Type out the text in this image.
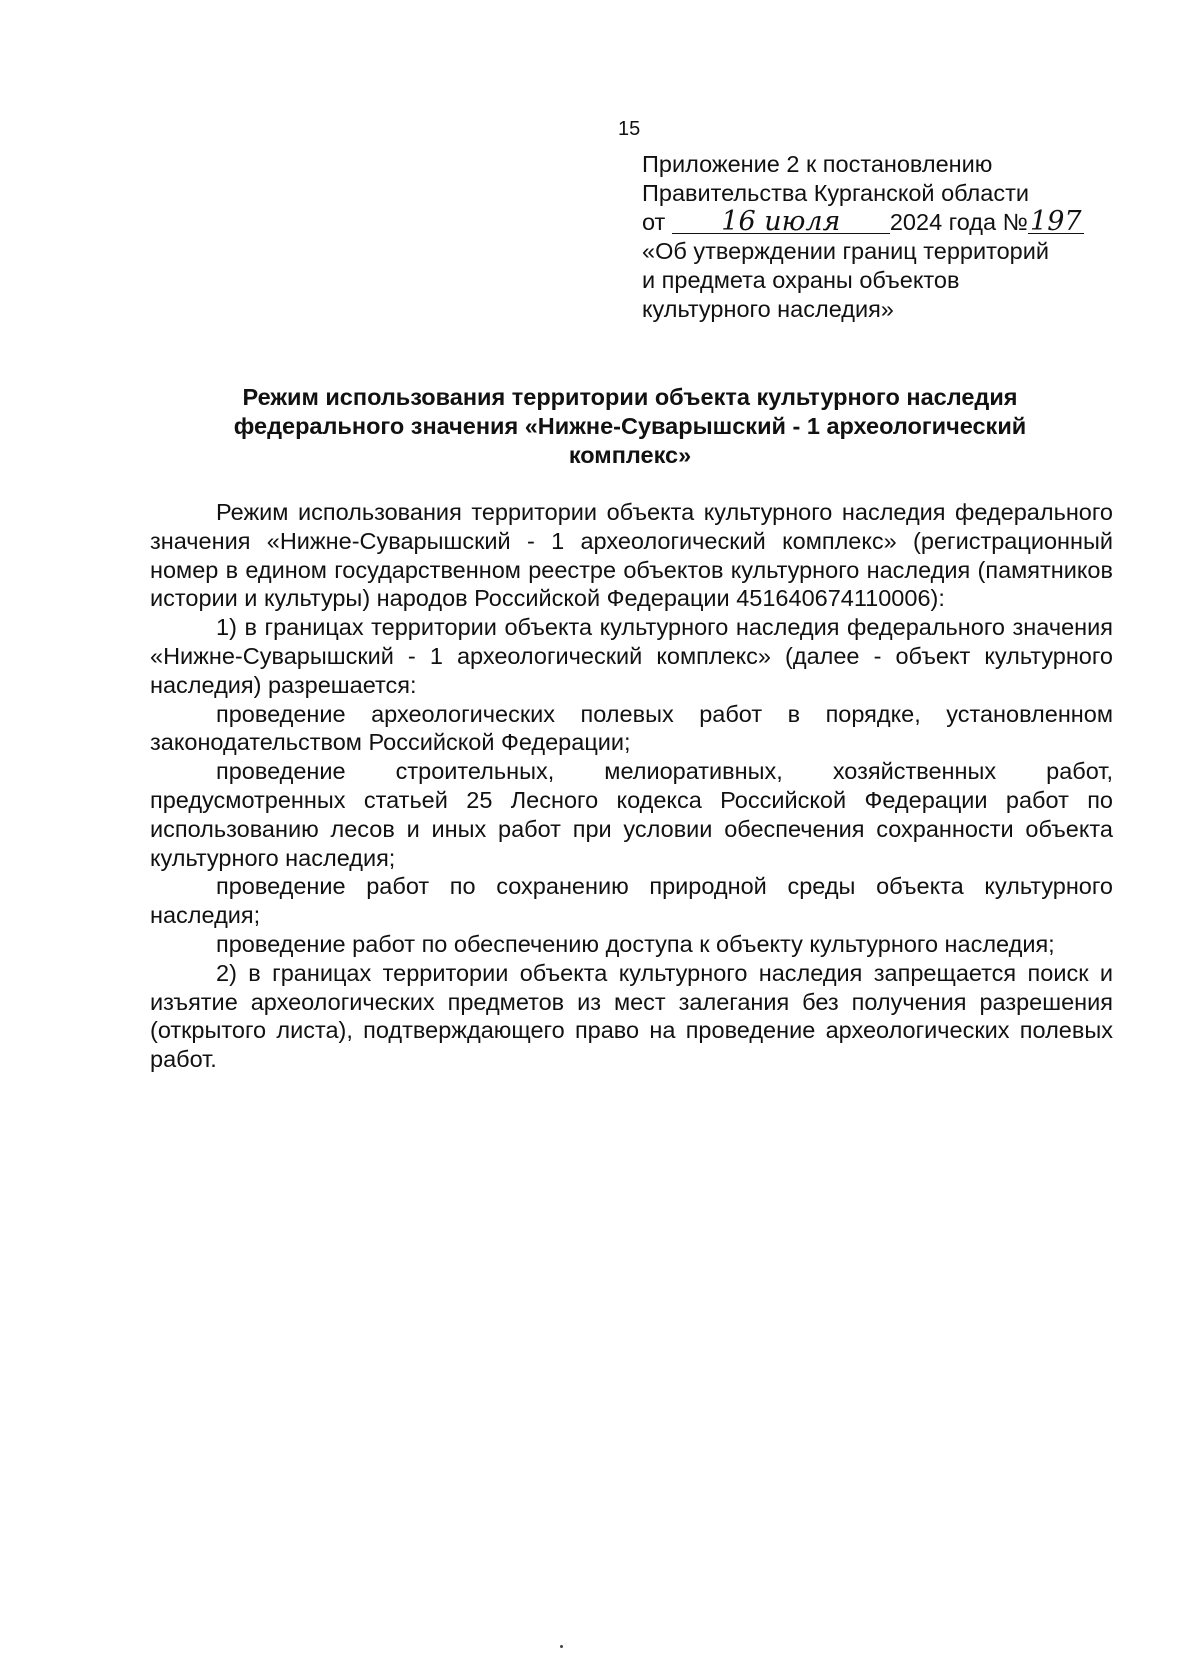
15
Приложение 2 к постановлению
Правительства Курганской области
от 16 июля 2024 года №197
«Об утверждении границ территорий
и предмета охраны объектов
культурного наследия»
Режим использования территории объекта культурного наследия
федерального значения «Нижне-Суварышский - 1 археологический
комплекс»

Режим использования территории объекта культурного наследия федерального значения «Нижне-Суварышский - 1 археологический комплекс» (регистрационный номер в едином государственном реестре объектов культурного наследия (памятников истории и культуры) народов Российской Федерации 451640674110006):

1) в границах территории объекта культурного наследия федерального значения «Нижне-Суварышский - 1 археологический комплекс» (далее - объект культурного наследия) разрешается:

проведение археологических полевых работ в порядке, установленном законодательством Российской Федерации;

проведение строительных, мелиоративных, хозяйственных работ, предусмотренных статьей 25 Лесного кодекса Российской Федерации работ по использованию лесов и иных работ при условии обеспечения сохранности объекта культурного наследия;

проведение работ по сохранению природной среды объекта культурного наследия;

проведение работ по обеспечению доступа к объекту культурного наследия;

2) в границах территории объекта культурного наследия запрещается поиск и изъятие археологических предметов из мест залегания без получения разрешения (открытого листа), подтверждающего право на проведение археологических полевых работ.
